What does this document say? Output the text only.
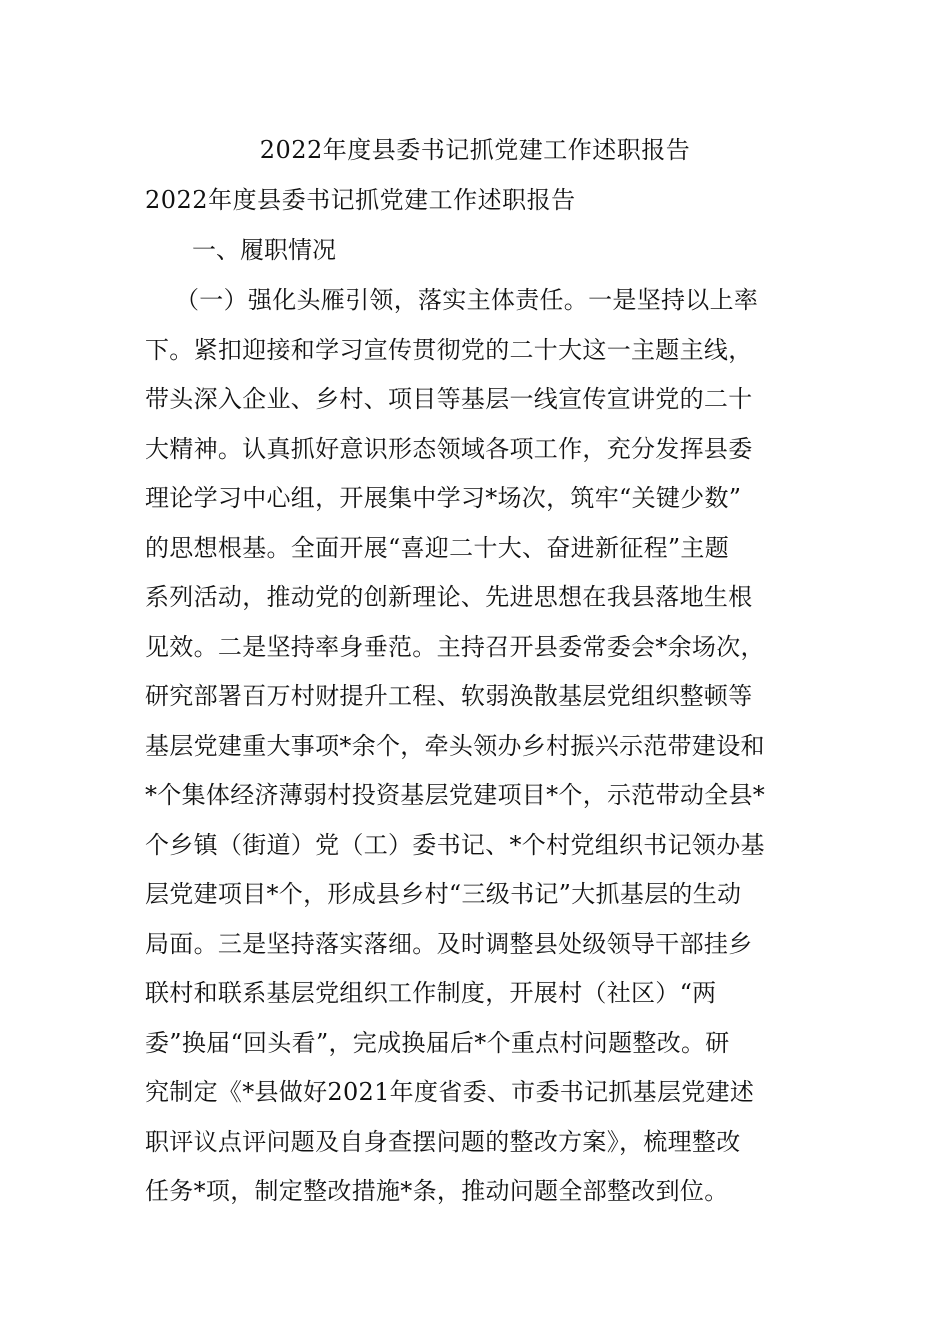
2022年度县委书记抓党建工作述职报告
2022年度县委书记抓党建工作述职报告
一、履职情况
（一）强化头雁引领，落实主体责任。一是坚持以上率
下。紧扣迎接和学习宣传贯彻党的二十大这一主题主线，
带头深入企业、乡村、项目等基层一线宣传宣讲党的二十
大精神。认真抓好意识形态领域各项工作，充分发挥县委
理论学习中心组，开展集中学习*场次，筑牢“关键少数”
的思想根基。全面开展“喜迎二十大、奋进新征程”主题
系列活动，推动党的创新理论、先进思想在我县落地生根
见效。二是坚持率身垂范。主持召开县委常委会*余场次，
研究部署百万村财提升工程、软弱涣散基层党组织整顿等
基层党建重大事项*余个，牵头领办乡村振兴示范带建设和
*个集体经济薄弱村投资基层党建项目*个，示范带动全县*
个乡镇（街道）党（工）委书记、*个村党组织书记领办基
层党建项目*个，形成县乡村“三级书记”大抓基层的生动
局面。三是坚持落实落细。及时调整县处级领导干部挂乡
联村和联系基层党组织工作制度，开展村（社区）“两
委”换届“回头看”，完成换届后*个重点村问题整改。研
究制定《*县做好2021年度省委、市委书记抓基层党建述
职评议点评问题及自身查摆问题的整改方案》，梳理整改
任务*项，制定整改措施*条，推动问题全部整改到位。
